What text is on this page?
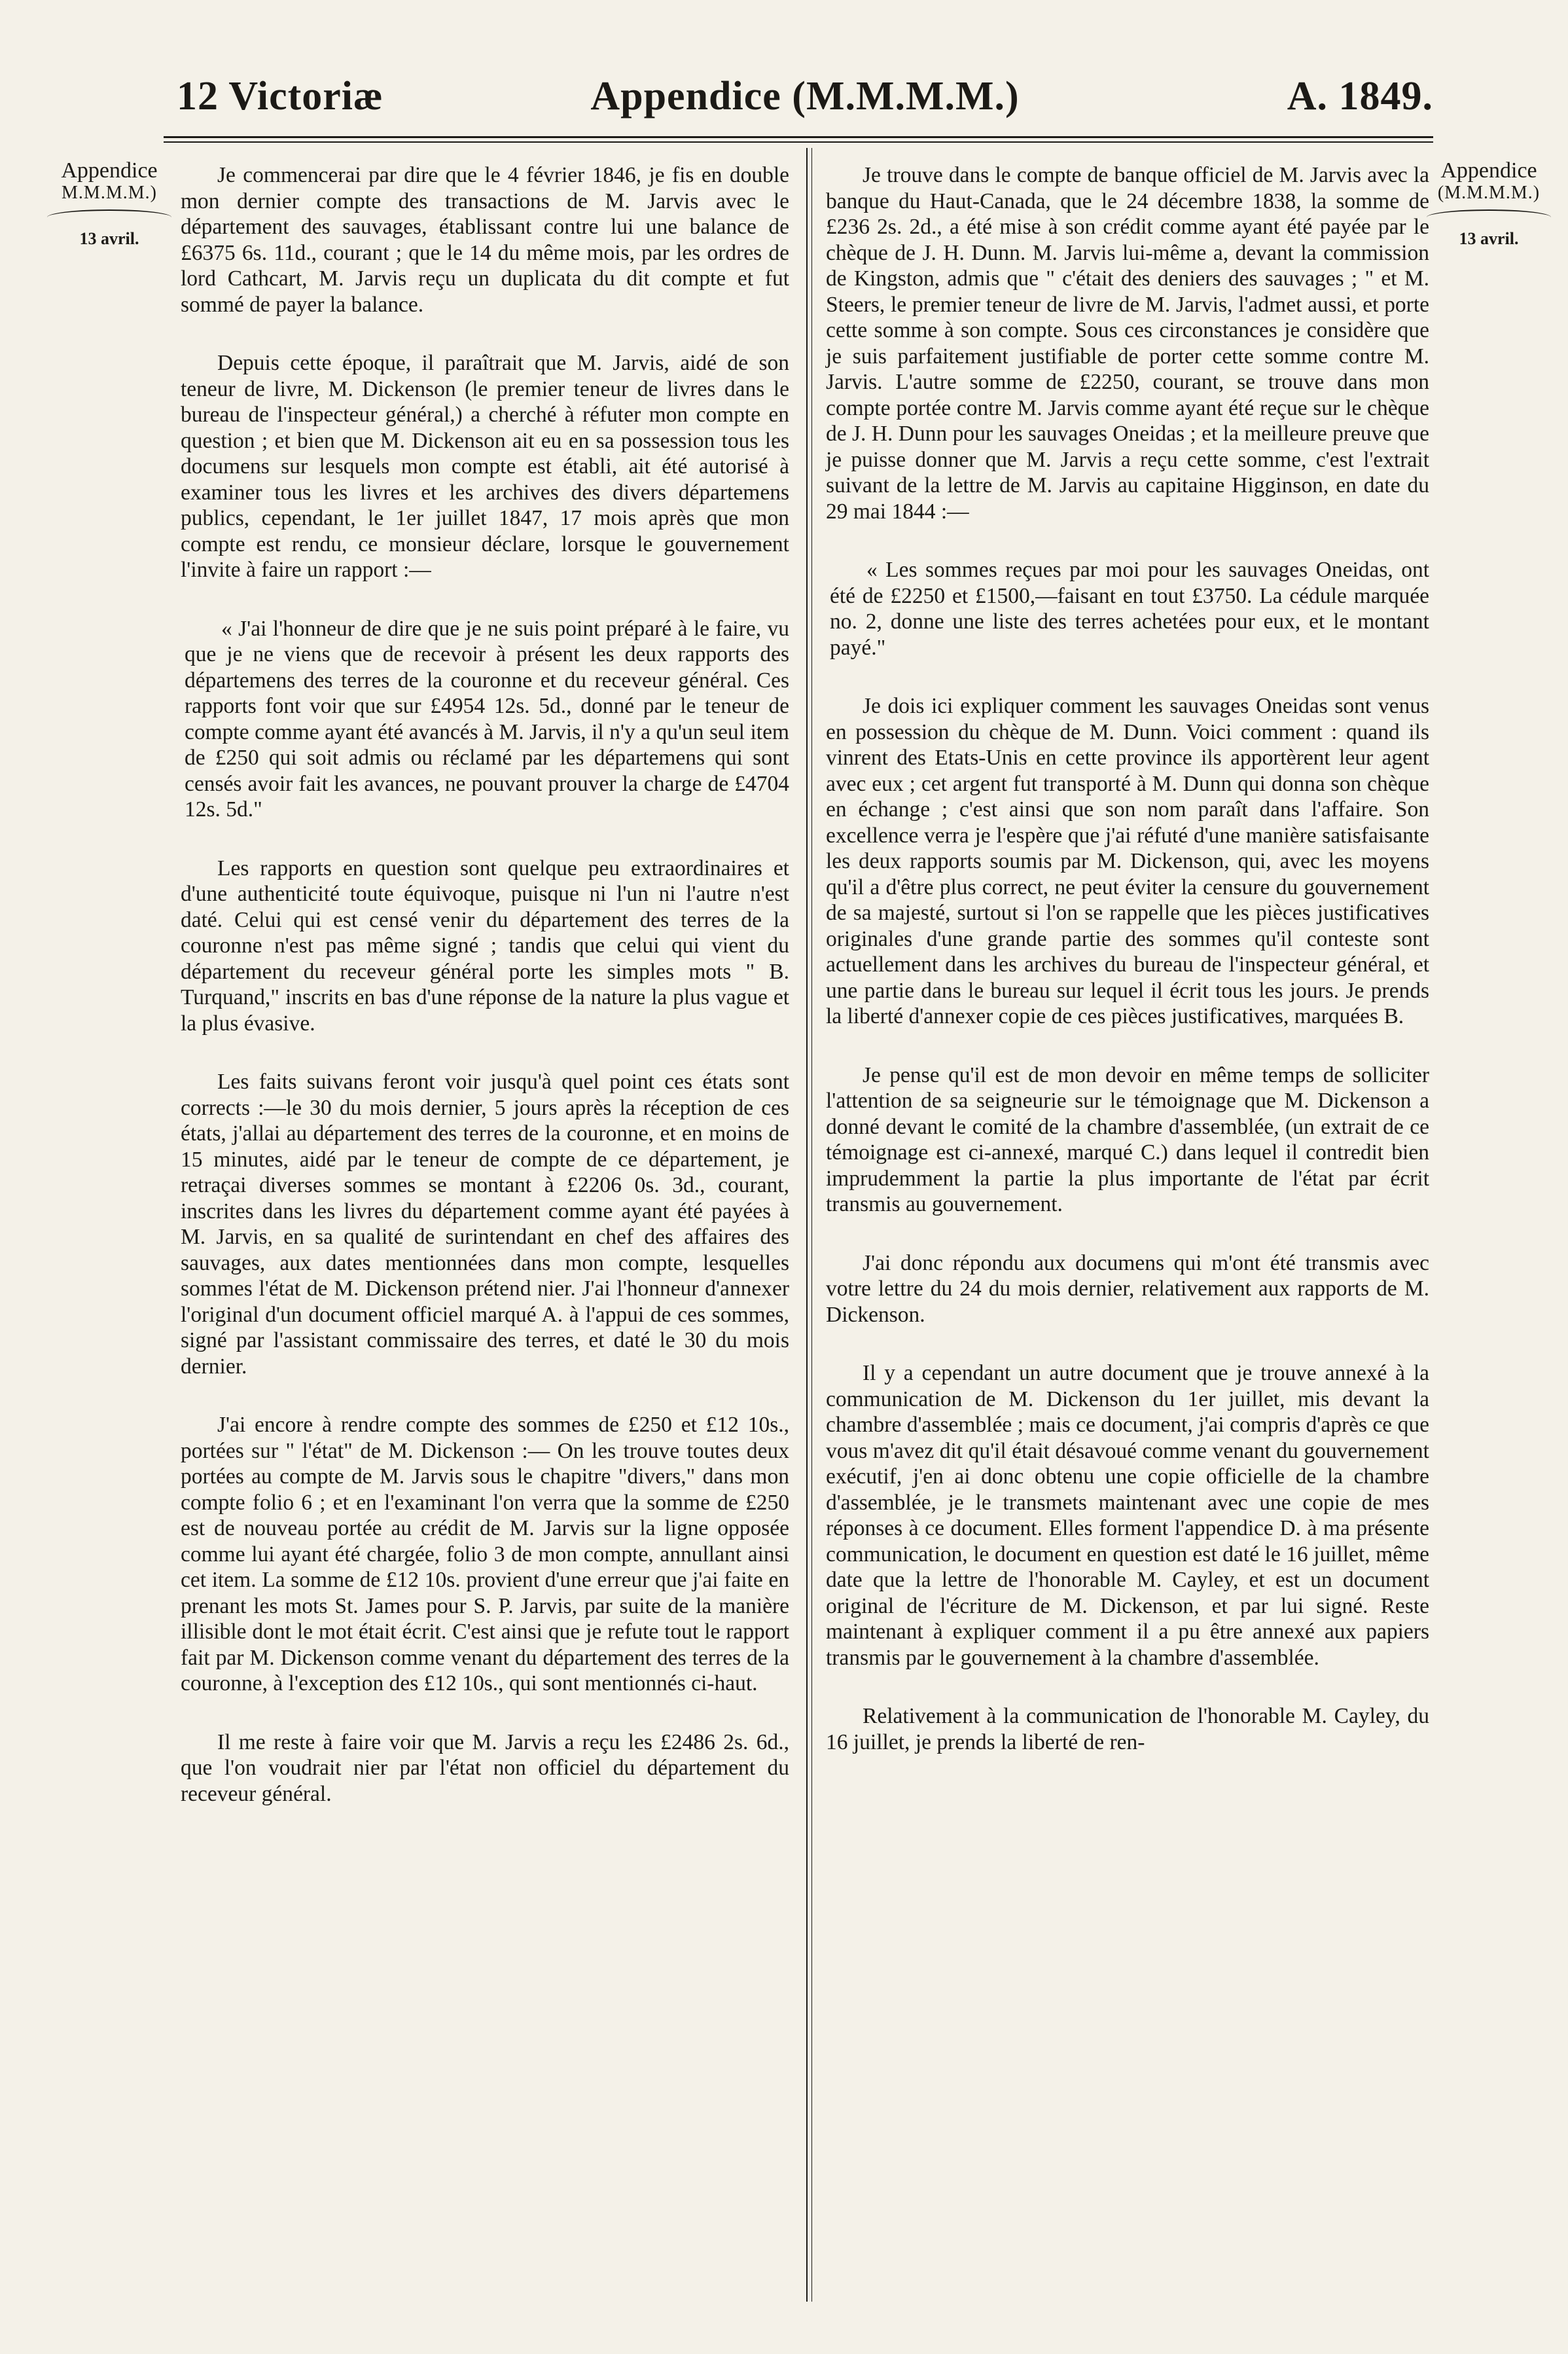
12 Victoriæ	Appendice (M.M.M.M.)	A. 1849.
Appendice
M.M.M.M.)
13 avril.
Appendice
(M.M.M.M.)
13 avril.

Je commencerai par dire que le 4 février 1846, je fis en double mon dernier compte des transactions de M. Jarvis avec le département des sauvages, établissant contre lui une balance de £6375 6s. 11d., courant ; que le 14 du même mois, par les ordres de lord Cathcart, M. Jarvis reçu un duplicata du dit compte et fut sommé de payer la balance.

Depuis cette époque, il paraîtrait que M. Jarvis, aidé de son teneur de livre, M. Dickenson (le premier teneur de livres dans le bureau de l'inspecteur général,) a cherché à réfuter mon compte en question ; et bien que M. Dickenson ait eu en sa possession tous les documens sur lesquels mon compte est établi, ait été autorisé à examiner tous les livres et les archives des divers départemens publics, cependant, le 1er juillet 1847, 17 mois après que mon compte est rendu, ce monsieur déclare, lorsque le gouvernement l'invite à faire un rapport :—

« J'ai l'honneur de dire que je ne suis point préparé à le faire, vu que je ne viens que de recevoir à présent les deux rapports des départemens des terres de la couronne et du receveur général. Ces rapports font voir que sur £4954 12s. 5d., donné par le teneur de compte comme ayant été avancés à M. Jarvis, il n'y a qu'un seul item de £250 qui soit admis ou réclamé par les départemens qui sont censés avoir fait les avances, ne pouvant prouver la charge de £4704 12s. 5d."

Les rapports en question sont quelque peu extraordinaires et d'une authenticité toute équivoque, puisque ni l'un ni l'autre n'est daté. Celui qui est censé venir du département des terres de la couronne n'est pas même signé ; tandis que celui qui vient du département du receveur général porte les simples mots " B. Turquand," inscrits en bas d'une réponse de la nature la plus vague et la plus évasive.

Les faits suivans feront voir jusqu'à quel point ces états sont corrects :—le 30 du mois dernier, 5 jours après la réception de ces états, j'allai au département des terres de la couronne, et en moins de 15 minutes, aidé par le teneur de compte de ce département, je retraçai diverses sommes se montant à £2206 0s. 3d., courant, inscrites dans les livres du département comme ayant été payées à M. Jarvis, en sa qualité de surintendant en chef des affaires des sauvages, aux dates mentionnées dans mon compte, lesquelles sommes l'état de M. Dickenson prétend nier. J'ai l'honneur d'annexer l'original d'un document officiel marqué A. à l'appui de ces sommes, signé par l'assistant commissaire des terres, et daté le 30 du mois dernier.

J'ai encore à rendre compte des sommes de £250 et £12 10s., portées sur " l'état" de M. Dickenson :— On les trouve toutes deux portées au compte de M. Jarvis sous le chapitre "divers," dans mon compte folio 6 ; et en l'examinant l'on verra que la somme de £250 est de nouveau portée au crédit de M. Jarvis sur la ligne opposée comme lui ayant été chargée, folio 3 de mon compte, annullant ainsi cet item. La somme de £12 10s. provient d'une erreur que j'ai faite en prenant les mots St. James pour S. P. Jarvis, par suite de la manière illisible dont le mot était écrit. C'est ainsi que je refute tout le rapport fait par M. Dickenson comme venant du département des terres de la couronne, à l'exception des £12 10s., qui sont mentionnés ci-haut.

Il me reste à faire voir que M. Jarvis a reçu les £2486 2s. 6d., que l'on voudrait nier par l'état non officiel du département du receveur général.

Je trouve dans le compte de banque officiel de M. Jarvis avec la banque du Haut-Canada, que le 24 décembre 1838, la somme de £236 2s. 2d., a été mise à son crédit comme ayant été payée par le chèque de J. H. Dunn. M. Jarvis lui-même a, devant la commission de Kingston, admis que " c'était des deniers des sauvages ; " et M. Steers, le premier teneur de livre de M. Jarvis, l'admet aussi, et porte cette somme à son compte. Sous ces circonstances je considère que je suis parfaitement justifiable de porter cette somme contre M. Jarvis. L'autre somme de £2250, courant, se trouve dans mon compte portée contre M. Jarvis comme ayant été reçue sur le chèque de J. H. Dunn pour les sauvages Oneidas ; et la meilleure preuve que je puisse donner que M. Jarvis a reçu cette somme, c'est l'extrait suivant de la lettre de M. Jarvis au capitaine Higginson, en date du 29 mai 1844 :—

« Les sommes reçues par moi pour les sauvages Oneidas, ont été de £2250 et £1500,—faisant en tout £3750. La cédule marquée no. 2, donne une liste des terres achetées pour eux, et le montant payé."

Je dois ici expliquer comment les sauvages Oneidas sont venus en possession du chèque de M. Dunn. Voici comment : quand ils vinrent des Etats-Unis en cette province ils apportèrent leur agent avec eux ; cet argent fut transporté à M. Dunn qui donna son chèque en échange ; c'est ainsi que son nom paraît dans l'affaire. Son excellence verra je l'espère que j'ai réfuté d'une manière satisfaisante les deux rapports soumis par M. Dickenson, qui, avec les moyens qu'il a d'être plus correct, ne peut éviter la censure du gouvernement de sa majesté, surtout si l'on se rappelle que les pièces justificatives originales d'une grande partie des sommes qu'il conteste sont actuellement dans les archives du bureau de l'inspecteur général, et une partie dans le bureau sur lequel il écrit tous les jours. Je prends la liberté d'annexer copie de ces pièces justificatives, marquées B.

Je pense qu'il est de mon devoir en même temps de solliciter l'attention de sa seigneurie sur le témoignage que M. Dickenson a donné devant le comité de la chambre d'assemblée, (un extrait de ce témoignage est ci-annexé, marqué C.) dans lequel il contredit bien imprudemment la partie la plus importante de l'état par écrit transmis au gouvernement.

J'ai donc répondu aux documens qui m'ont été transmis avec votre lettre du 24 du mois dernier, relativement aux rapports de M. Dickenson.

Il y a cependant un autre document que je trouve annexé à la communication de M. Dickenson du 1er juillet, mis devant la chambre d'assemblée ; mais ce document, j'ai compris d'après ce que vous m'avez dit qu'il était désavoué comme venant du gouvernement exécutif, j'en ai donc obtenu une copie officielle de la chambre d'assemblée, je le transmets maintenant avec une copie de mes réponses à ce document. Elles forment l'appendice D. à ma présente communication, le document en question est daté le 16 juillet, même date que la lettre de l'honorable M. Cayley, et est un document original de l'écriture de M. Dickenson, et par lui signé. Reste maintenant à expliquer comment il a pu être annexé aux papiers transmis par le gouvernement à la chambre d'assemblée.

Relativement à la communication de l'honorable M. Cayley, du 16 juillet, je prends la liberté de ren-
